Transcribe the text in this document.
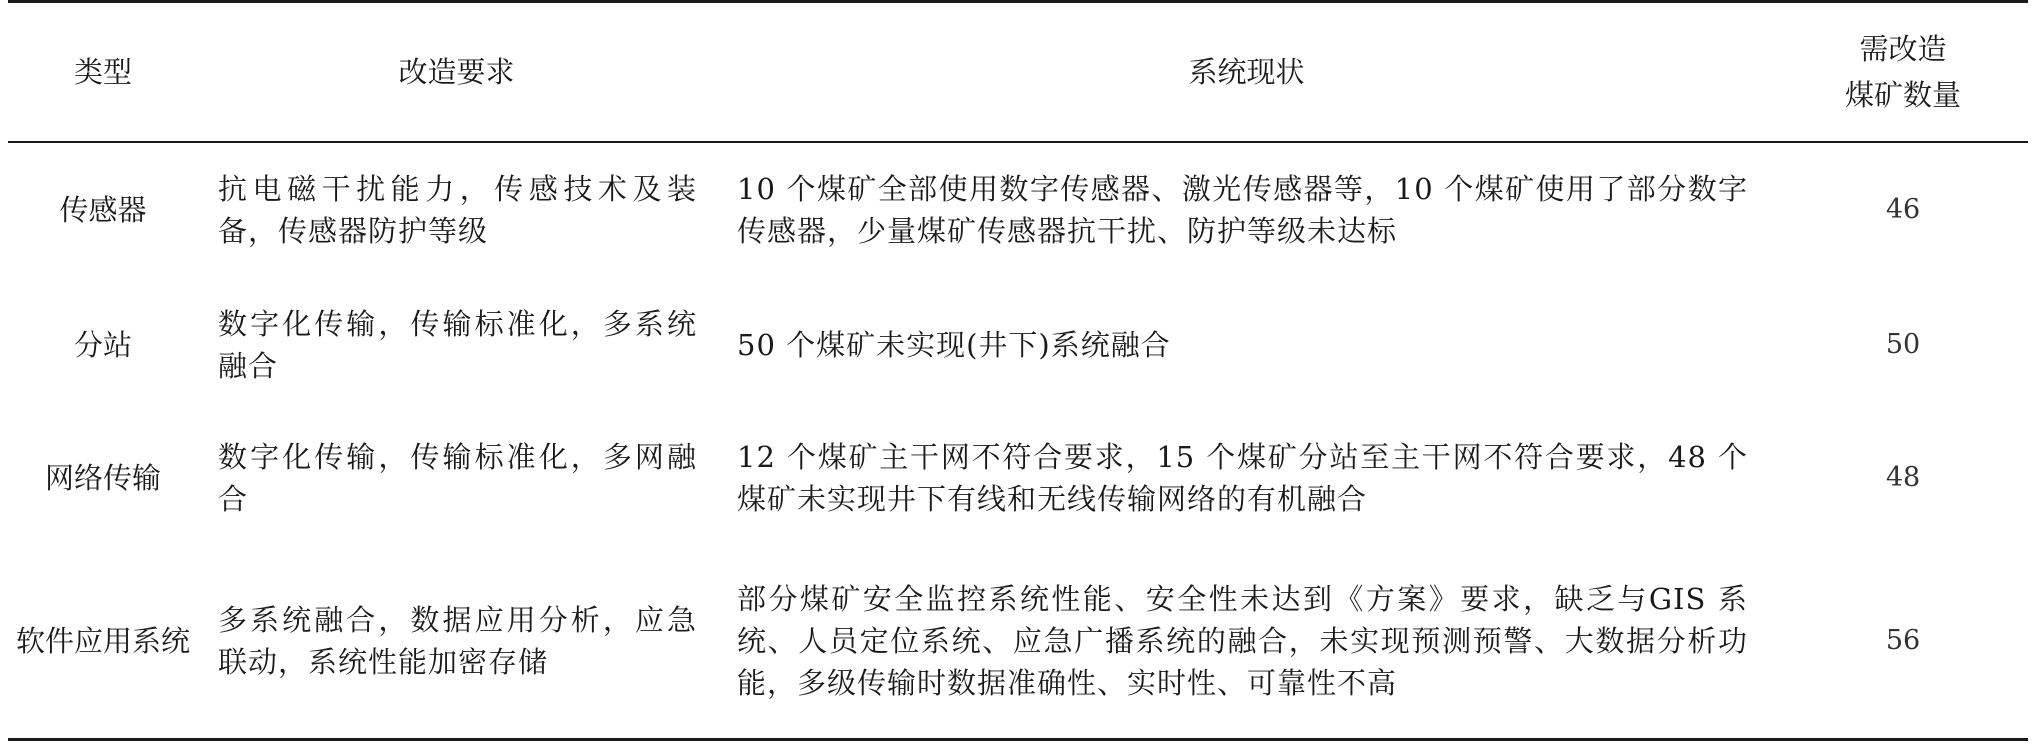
类型	改造要求	系统现状	需改造
煤矿数量

传感器	抗电磁干扰能力，传感技术及装备，传感器防护等级	10 个煤矿全部使用数字传感器、激光传感器等，10 个煤矿使用了部分数字传感器，少量煤矿传感器抗干扰、防护等级未达标	46
分站	数字化传输，传输标准化，多系统融合	50 个煤矿未实现(井下)系统融合	50
网络传输	数字化传输，传输标准化，多网融合	12 个煤矿主干网不符合要求，15 个煤矿分站至主干网不符合要求，48 个煤矿未实现井下有线和无线传输网络的有机融合	48
软件应用系统	多系统融合，数据应用分析，应急联动，系统性能加密存储	部分煤矿安全监控系统性能、安全性未达到《方案》要求，缺乏与GIS 系统、人员定位系统、应急广播系统的融合，未实现预测预警、大数据分析功能，多级传输时数据准确性、实时性、可靠性不高	56
